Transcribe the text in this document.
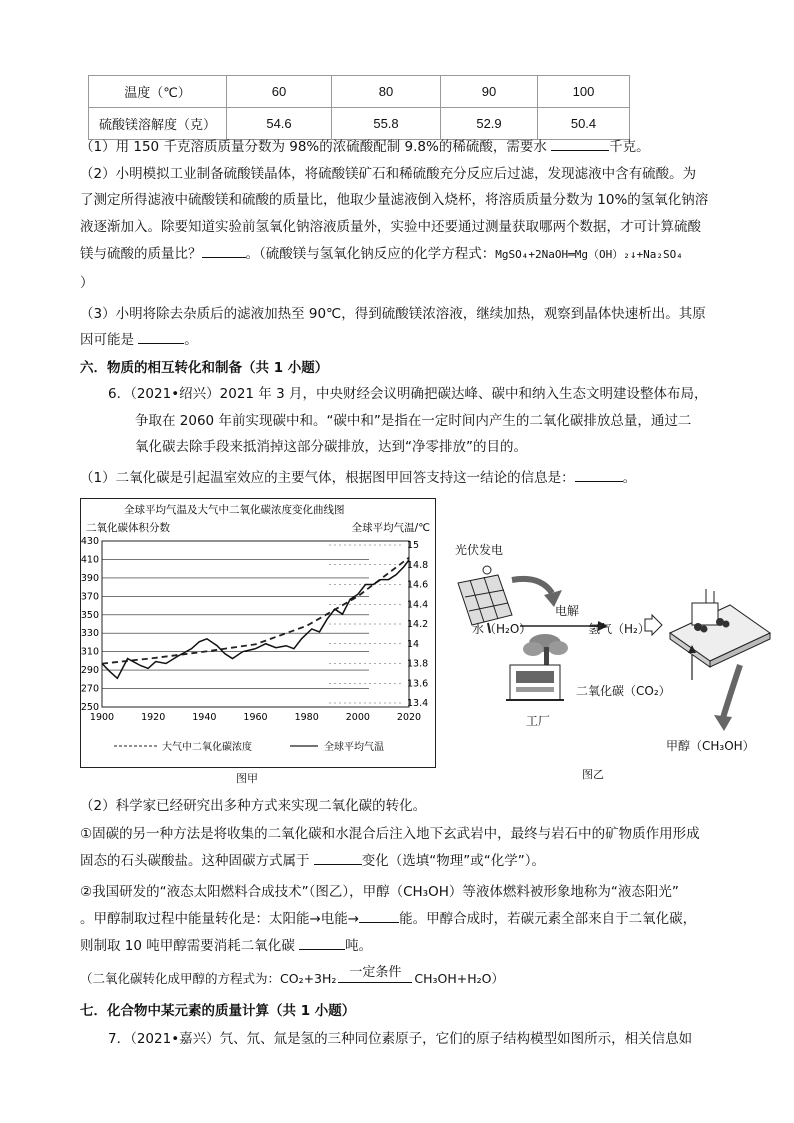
温度（℃）	60	80	90	100
硫酸镁溶解度（克）	54.6	55.8	52.9	50.4
（1）用 150 千克溶质质量分数为 98%的浓硫酸配制 9.8%的稀硫酸，需要水	千克。
（2）小明模拟工业制备硫酸镁晶体，将硫酸镁矿石和稀硫酸充分反应后过滤，发现滤液中含有硫酸。为
了测定所得滤液中硫酸镁和硫酸的质量比，他取少量滤液倒入烧杯，将溶质质量分数为 10%的氢氧化钠溶
液逐渐加入。除要知道实验前氢氧化钠溶液质量外，实验中还要通过测量获取哪两个数据，才可计算硫酸
镁与硫酸的质量比？	。（硫酸镁与氢氧化钠反应的化学方程式：MgSO₄+2NaOH═Mg（OH）₂↓+Na₂SO₄
）
（3）小明将除去杂质后的滤液加热至 90℃，得到硫酸镁浓溶液，继续加热，观察到晶体快速析出。其原
因可能是	。
六．物质的相互转化和制备（共 1 小题）
6．（2021•绍兴）2021 年 3 月，中央财经会议明确把碳达峰、碳中和纳入生态文明建设整体布局，
争取在 2060 年前实现碳中和。“碳中和”是指在一定时间内产生的二氧化碳排放总量，通过二
氧化碳去除手段来抵消掉这部分碳排放，达到“净零排放”的目的。
（1）二氧化碳是引起温室效应的主要气体，根据图甲回答支持这一结论的信息是：	。
全球平均气温及大气中二氧化碳浓度变化曲线图
二氧化碳体积分数	全球平均气温/℃
430
410
390
370
350
330
310
290
270
250
15
14.8
14.6
14.4
14.2
14
13.8
13.6
13.4
1900	1920	1940	1960	1980	2000	2020
大气中二氧化碳浓度	全球平均气温
图甲
光伏发电
电解
水（H₂O）	氢气（H₂）
二氧化碳（CO₂）
工厂
甲醇（CH₃OH）
图乙
（2）科学家已经研究出多种方式来实现二氧化碳的转化。
①固碳的另一种方法是将收集的二氧化碳和水混合后注入地下玄武岩中，最终与岩石中的矿物质作用形成
固态的石头碳酸盐。这种固碳方式属于	变化（选填“物理”或“化学”）。
②我国研发的“液态太阳燃料合成技术”（图乙），甲醇（CH₃OH）等液体燃料被形象地称为“液态阳光”
。甲醇制取过程中能量转化是：太阳能→电能→	能。甲醇合成时，若碳元素全部来自于二氧化碳，
则制取 10 吨甲醇需要消耗二氧化碳	吨。
（二氧化碳转化成甲醇的方程式为：CO₂+3H₂ 一定条件	CH₃OH+H₂O）
七．化合物中某元素的质量计算（共 1 小题）
7．（2021•嘉兴）氕、氘、氚是氢的三种同位素原子，它们的原子结构模型如图所示，相关信息如
